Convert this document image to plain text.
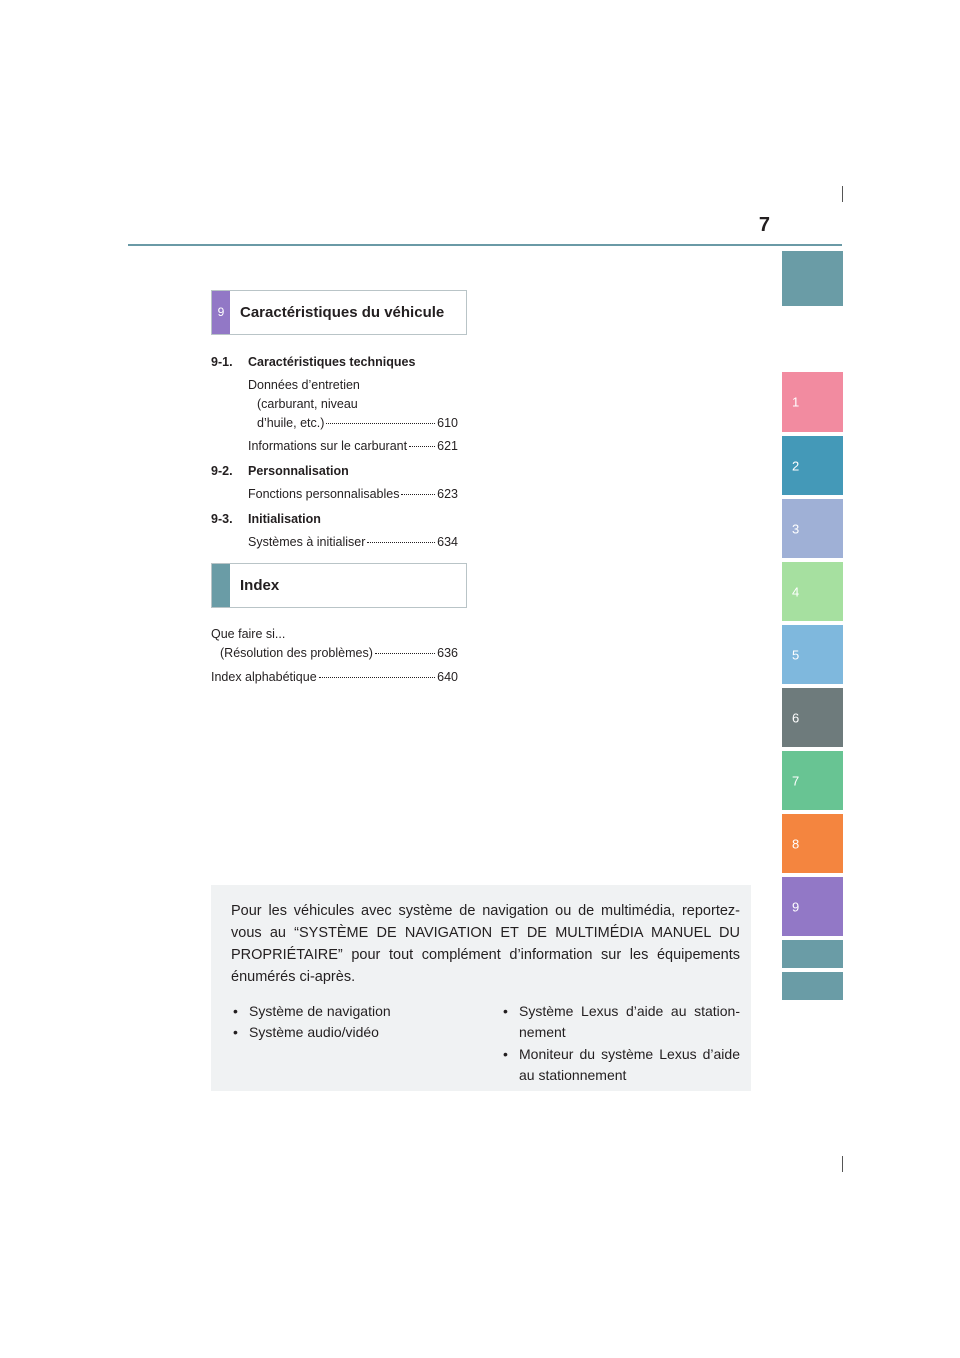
7
1
2
3
4
5
6
7
8
9
9	Caractéristiques du véhicule
9-1. Caractéristiques techniques
Données d’entretien
(carburant, niveau
d’huile, etc.)	610
Informations sur le carburant 621
9-2. Personnalisation
Fonctions personnalisables	623
9-3. Initialisation
Systèmes à initialiser	634
Index
Que faire si...
(Résolution des problèmes)	636
Index alphabétique	640
Pour les véhicules avec système de navigation ou de multimédia, reportez-vous au “SYSTÈME DE NAVIGATION ET DE MULTIMÉDIA MANUEL DU PROPRIÉTAIRE” pour tout complément d’information sur les équipements énumérés ci-après.
• Système de navigation
• Système audio/vidéo
• Système Lexus d’aide au station-nement
• Moniteur du système Lexus d’aide au stationnement
